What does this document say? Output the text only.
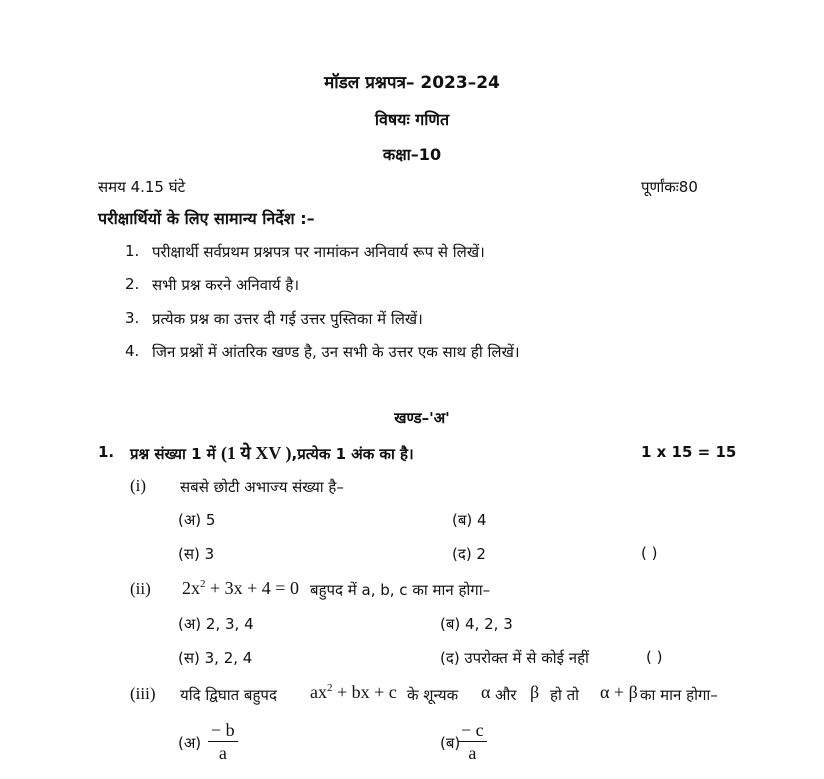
मॉडल प्रश्नपत्र– 2023–24
विषयः गणित
कक्षा–10
समय 4.15 घंटे	पूर्णांकः80
परीक्षार्थियों के लिए सामान्य निर्देश :–
1. परीक्षार्थी सर्वप्रथम प्रश्नपत्र पर नामांकन अनिवार्य रूप से लिखें।
2. सभी प्रश्न करने अनिवार्य है।
3. प्रत्येक प्रश्न का उत्तर दी गई उत्तर पुस्तिका में लिखें।
4. जिन प्रश्नों में आंतरिक खण्ड है, उन सभी के उत्तर एक साथ ही लिखें।
खण्ड–'अ'
1. प्रश्न संख्या 1 में (1 ये XV ),प्रत्येक 1 अंक का है।	1 x 15 = 15
(i) सबसे छोटी अभाज्य संख्या है–
(अ) 5	(ब) 4
(स) 3	(द) 2	( )
(ii) $2x^2 + 3x + 4 = 0$ बहुपद में a, b, c का मान होगा–
(अ) 2, 3, 4	(ब) 4, 2, 3
(स) 3, 2, 4	(द) उपरोक्त में से कोई नहीं	( )
(iii) यदि द्विघात बहुपद $ax^2$ + bx + c के शून्यक α और β हो तो α + β का मान होगा–
(अ) $\frac{- b}{a}$	(ब)
$\frac{- c}{a}$
